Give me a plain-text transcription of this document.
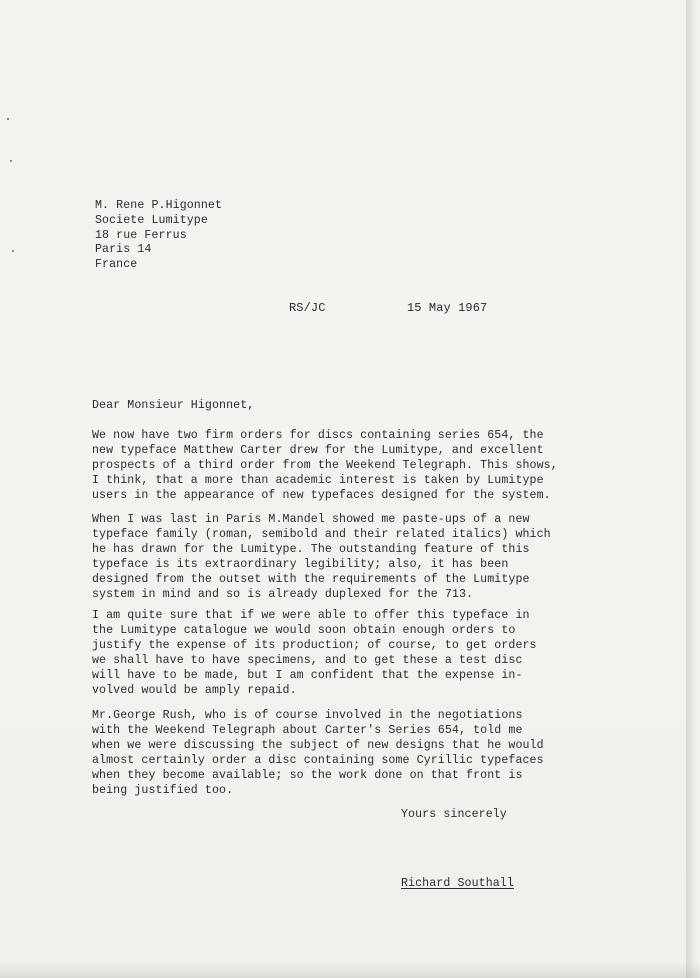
M. Rene P.Higonnet
Societe Lumitype
18 rue Ferrus
Paris 14
France
RS/JC	15 May 1967
Dear Monsieur Higonnet,
We now have two firm orders for discs containing series 654, the
new typeface Matthew Carter drew for the Lumitype, and excellent
prospects of a third order from the Weekend Telegraph. This shows,
I think, that a more than academic interest is taken by Lumitype
users in the appearance of new typefaces designed for the system.
When I was last in Paris M.Mandel showed me paste-ups of a new
typeface family (roman, semibold and their related italics) which
he has drawn for the Lumitype. The outstanding feature of this
typeface is its extraordinary legibility; also, it has been
designed from the outset with the requirements of the Lumitype
system in mind and so is already duplexed for the 713.
I am quite sure that if we were able to offer this typeface in
the Lumitype catalogue we would soon obtain enough orders to
justify the expense of its production; of course, to get orders
we shall have to have specimens, and to get these a test disc
will have to be made, but I am confident that the expense in-
volved would be amply repaid.
Mr.George Rush, who is of course involved in the negotiations
with the Weekend Telegraph about Carter's Series 654, told me
when we were discussing the subject of new designs that he would
almost certainly order a disc containing some Cyrillic typefaces
when they become available; so the work done on that front is
being justified too.
Yours sincerely
Richard Southall
